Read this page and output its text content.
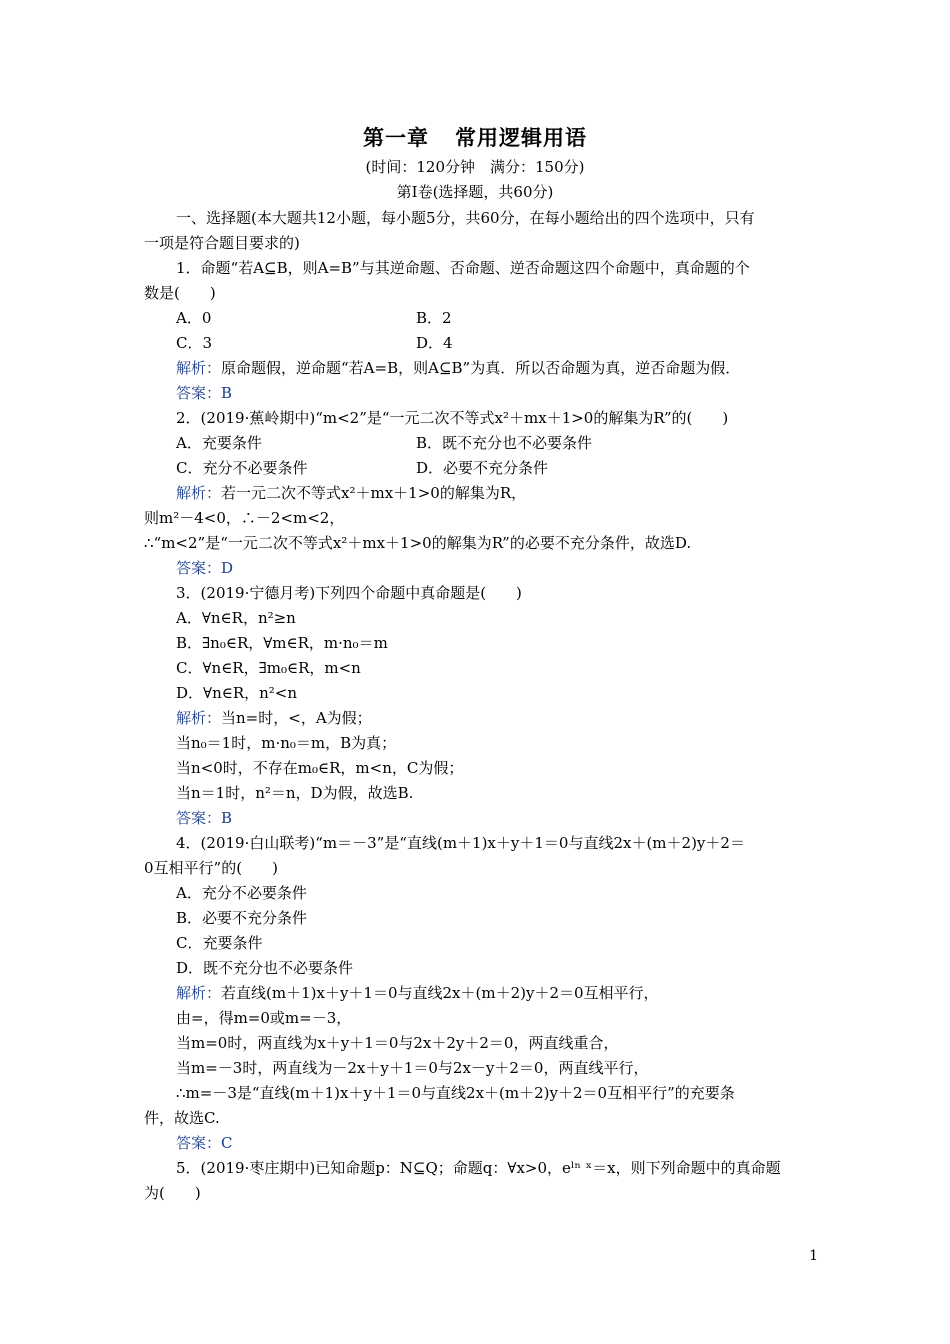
第一章 常用逻辑用语
(时间：120分钟　满分：150分)
第Ⅰ卷(选择题，共60分)
一、选择题(本大题共12小题，每小题5分，共60分，在每小题给出的四个选项中，只有
一项是符合题目要求的)
1．命题“若A⊆B，则A=B”与其逆命题、否命题、逆否命题这四个命题中，真命题的个
数是(　　)
A．0	B．2
C．3	D．4
解析：原命题假，逆命题“若A=B，则A⊆B”为真．所以否命题为真，逆否命题为假．
答案：B
2．(2019·蕉岭期中)“m<2”是“一元二次不等式x²＋mx＋1>0的解集为R”的(　　)
A．充要条件	B．既不充分也不必要条件
C．充分不必要条件	D．必要不充分条件
解析：若一元二次不等式x²＋mx＋1>0的解集为R，
则m²－4<0，∴－2<m<2，
∴“m<2”是“一元二次不等式x²＋mx＋1>0的解集为R”的必要不充分条件，故选D.
答案：D
3．(2019·宁德月考)下列四个命题中真命题是(　　)
A．∀n∈R，n²≥n
B．∃n₀∈R，∀m∈R，m·n₀＝m
C．∀n∈R，∃m₀∈R，m<n
D．∀n∈R，n²<n
解析：当n=时，<，A为假；
当n₀＝1时，m·n₀＝m，B为真；
当n<0时，不存在m₀∈R，m<n，C为假；
当n＝1时，n²＝n，D为假，故选B.
答案：B
4．(2019·白山联考)“m＝－3”是“直线(m＋1)x＋y＋1＝0与直线2x＋(m＋2)y＋2＝
0互相平行”的(　　)
A．充分不必要条件
B．必要不充分条件
C．充要条件
D．既不充分也不必要条件
解析：若直线(m＋1)x＋y＋1＝0与直线2x＋(m＋2)y＋2＝0互相平行，
由=，得m=0或m=－3，
当m=0时，两直线为x＋y＋1＝0与2x＋2y＋2＝0，两直线重合，
当m=－3时，两直线为－2x＋y＋1＝0与2x－y＋2＝0，两直线平行，
∴m=－3是“直线(m＋1)x＋y＋1＝0与直线2x＋(m＋2)y＋2＝0互相平行”的充要条
件，故选C.
答案：C
5．(2019·枣庄期中)已知命题p：N⊆Q；命题q：∀x>0，eˡⁿ ˣ＝x，则下列命题中的真命题
为(　　)
1
